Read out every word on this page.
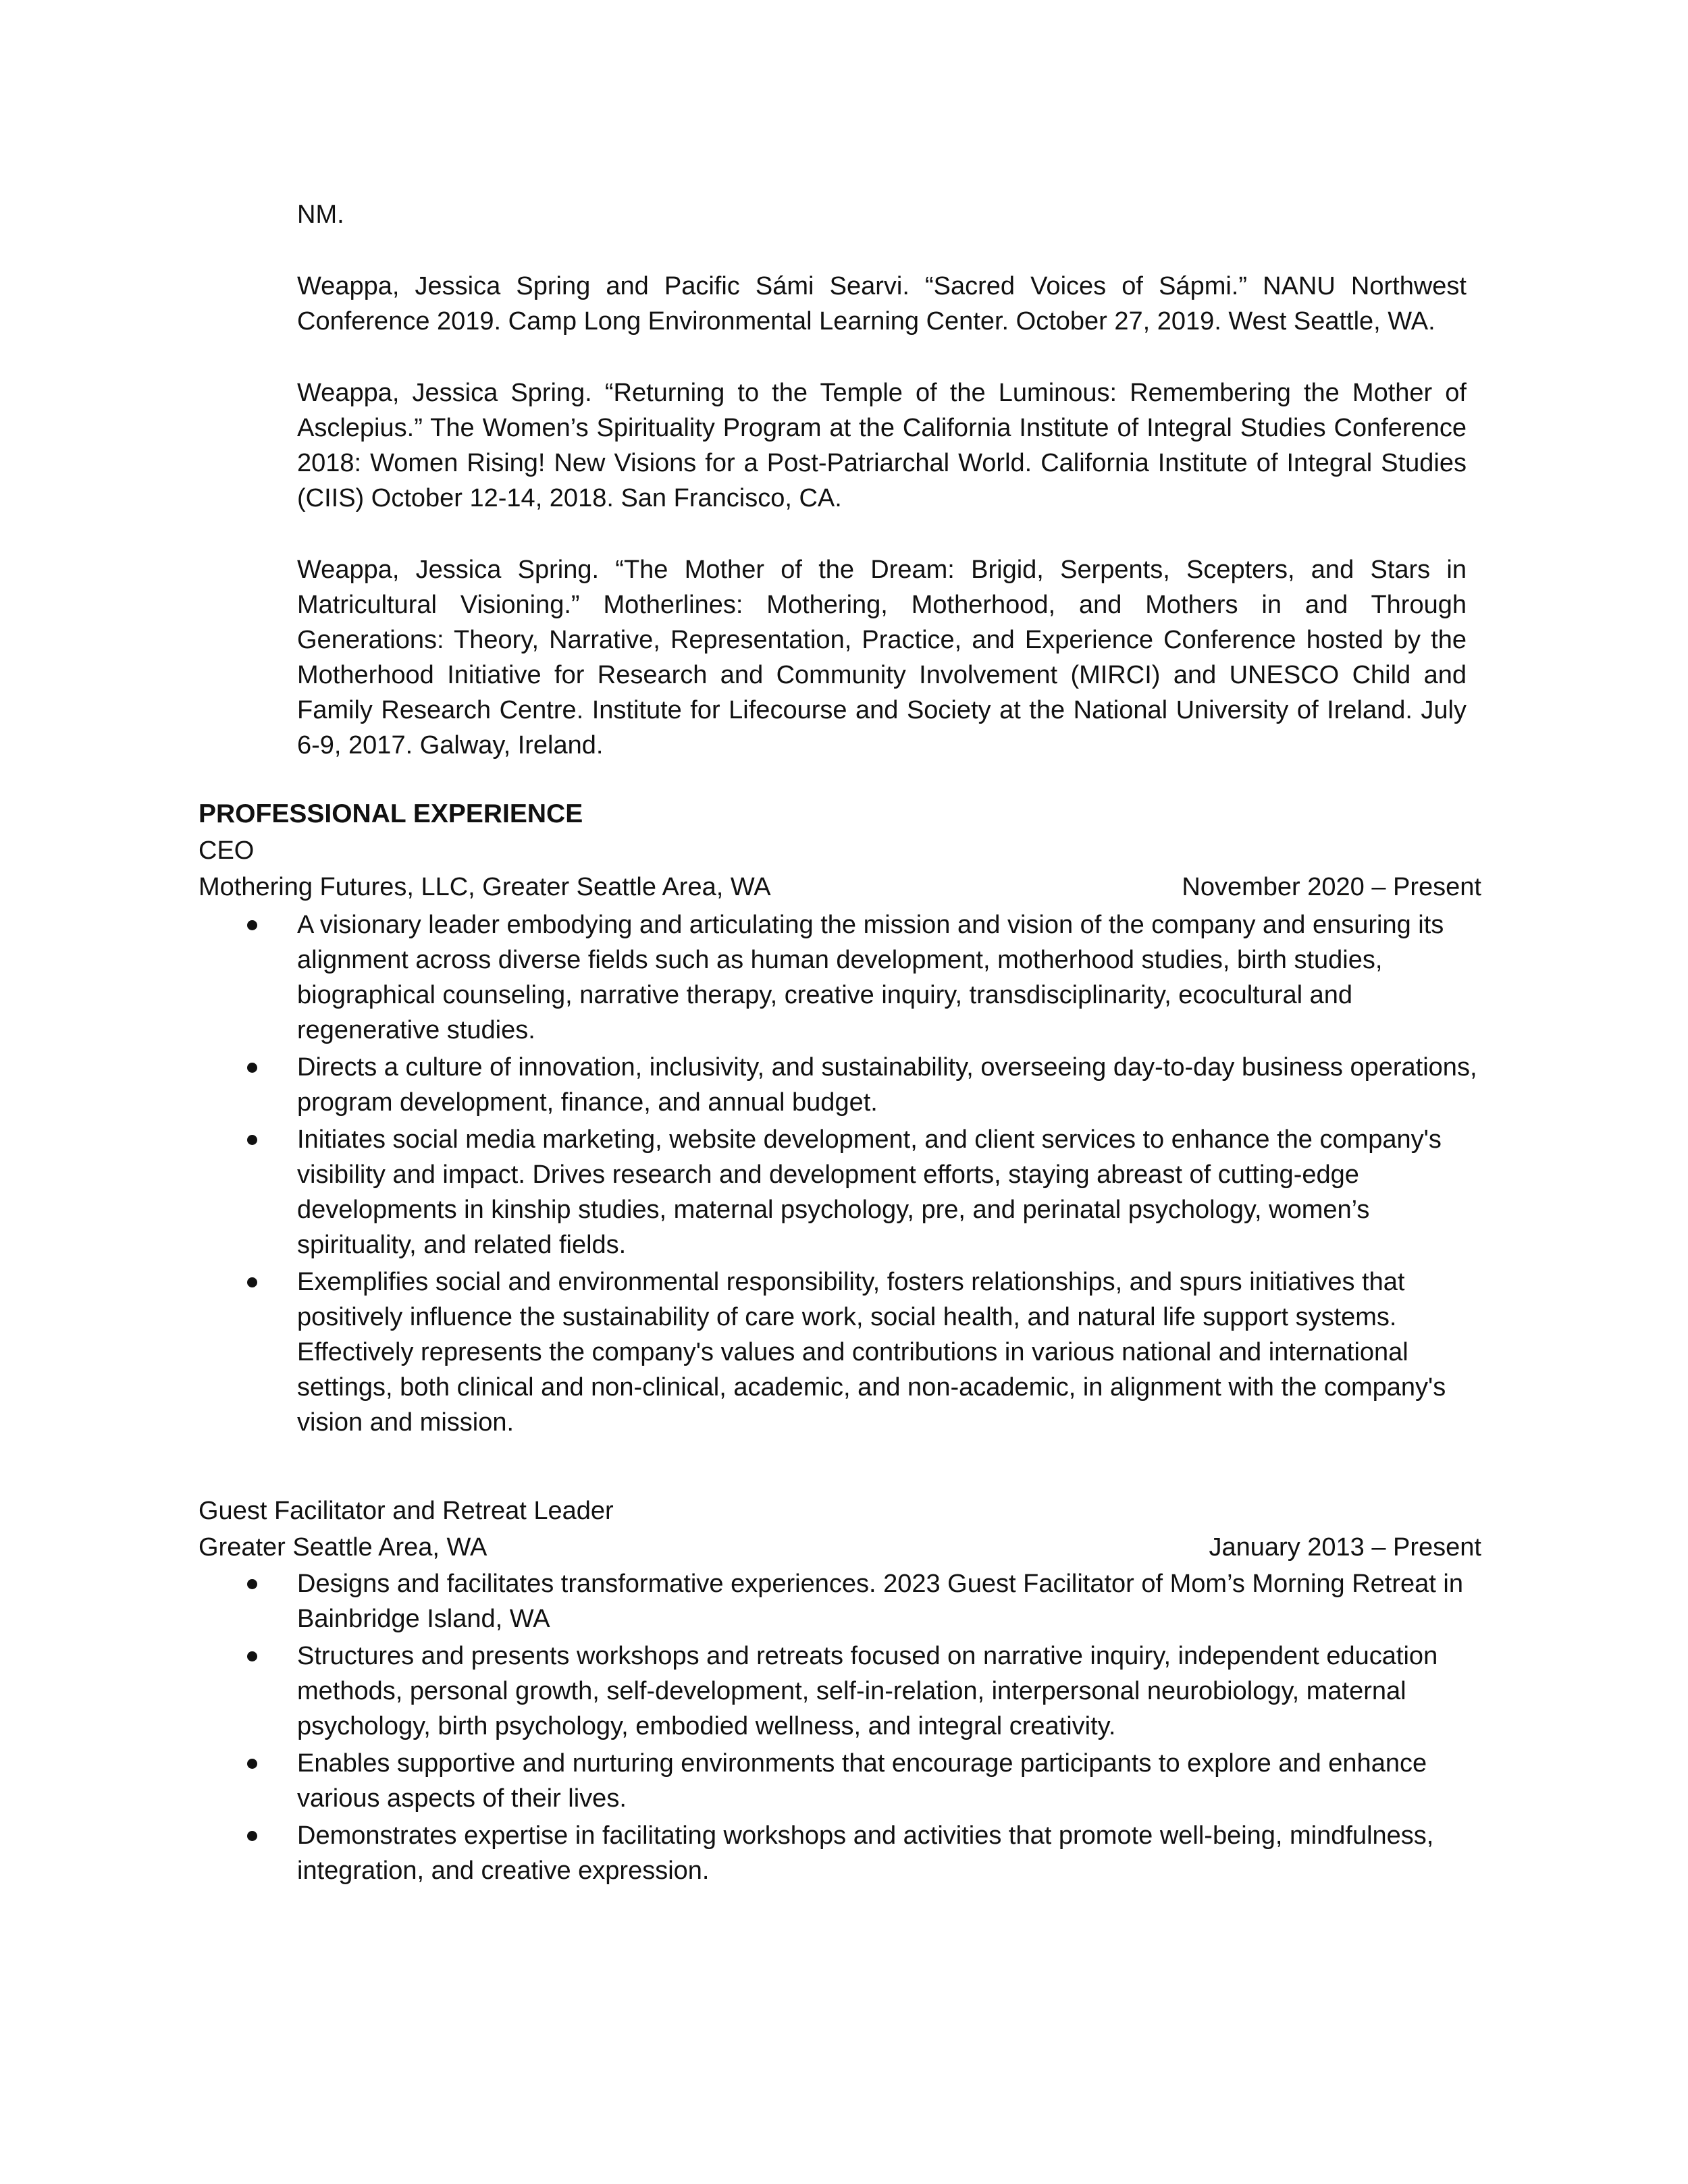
NM.

Weappa, Jessica Spring and Pacific Sámi Searvi. “Sacred Voices of Sápmi.” NANU Northwest Conference 2019. Camp Long Environmental Learning Center. October 27, 2019. West Seattle, WA.

Weappa, Jessica Spring. “Returning to the Temple of the Luminous: Remembering the Mother of Asclepius.” The Women’s Spirituality Program at the California Institute of Integral Studies Conference 2018: Women Rising! New Visions for a Post-Patriarchal World. California Institute of Integral Studies (CIIS) October 12-14, 2018. San Francisco, CA.

Weappa, Jessica Spring. “The Mother of the Dream: Brigid, Serpents, Scepters, and Stars in Matricultural Visioning.” Motherlines: Mothering, Motherhood, and Mothers in and Through Generations: Theory, Narrative, Representation, Practice, and Experience Conference hosted by the Motherhood Initiative for Research and Community Involvement (MIRCI) and UNESCO Child and Family Research Centre. Institute for Lifecourse and Society at the National University of Ireland. July 6-9, 2017. Galway, Ireland.

PROFESSIONAL EXPERIENCE

CEO

Mothering Futures, LLC, Greater Seattle Area, WA	November 2020 – Present
A visionary leader embodying and articulating the mission and vision of the company and ensuring its alignment across diverse fields such as human development, motherhood studies, birth studies, biographical counseling, narrative therapy, creative inquiry, transdisciplinarity, ecocultural and regenerative studies.
Directs a culture of innovation, inclusivity, and sustainability, overseeing day-to-day business operations, program development, finance, and annual budget.
Initiates social media marketing, website development, and client services to enhance the company's visibility and impact. Drives research and development efforts, staying abreast of cutting-edge developments in kinship studies, maternal psychology, pre, and perinatal psychology, women’s spirituality, and related fields.
Exemplifies social and environmental responsibility, fosters relationships, and spurs initiatives that positively influence the sustainability of care work, social health, and natural life support systems. Effectively represents the company's values and contributions in various national and international settings, both clinical and non-clinical, academic, and non-academic, in alignment with the company's vision and mission.

Guest Facilitator and Retreat Leader

Greater Seattle Area, WA	January 2013 – Present
Designs and facilitates transformative experiences. 2023 Guest Facilitator of Mom’s Morning Retreat in Bainbridge Island, WA
Structures and presents workshops and retreats focused on narrative inquiry, independent education methods, personal growth, self-development, self-in-relation, interpersonal neurobiology, maternal psychology, birth psychology, embodied wellness, and integral creativity.
Enables supportive and nurturing environments that encourage participants to explore and enhance various aspects of their lives.
Demonstrates expertise in facilitating workshops and activities that promote well-being, mindfulness, integration, and creative expression.
